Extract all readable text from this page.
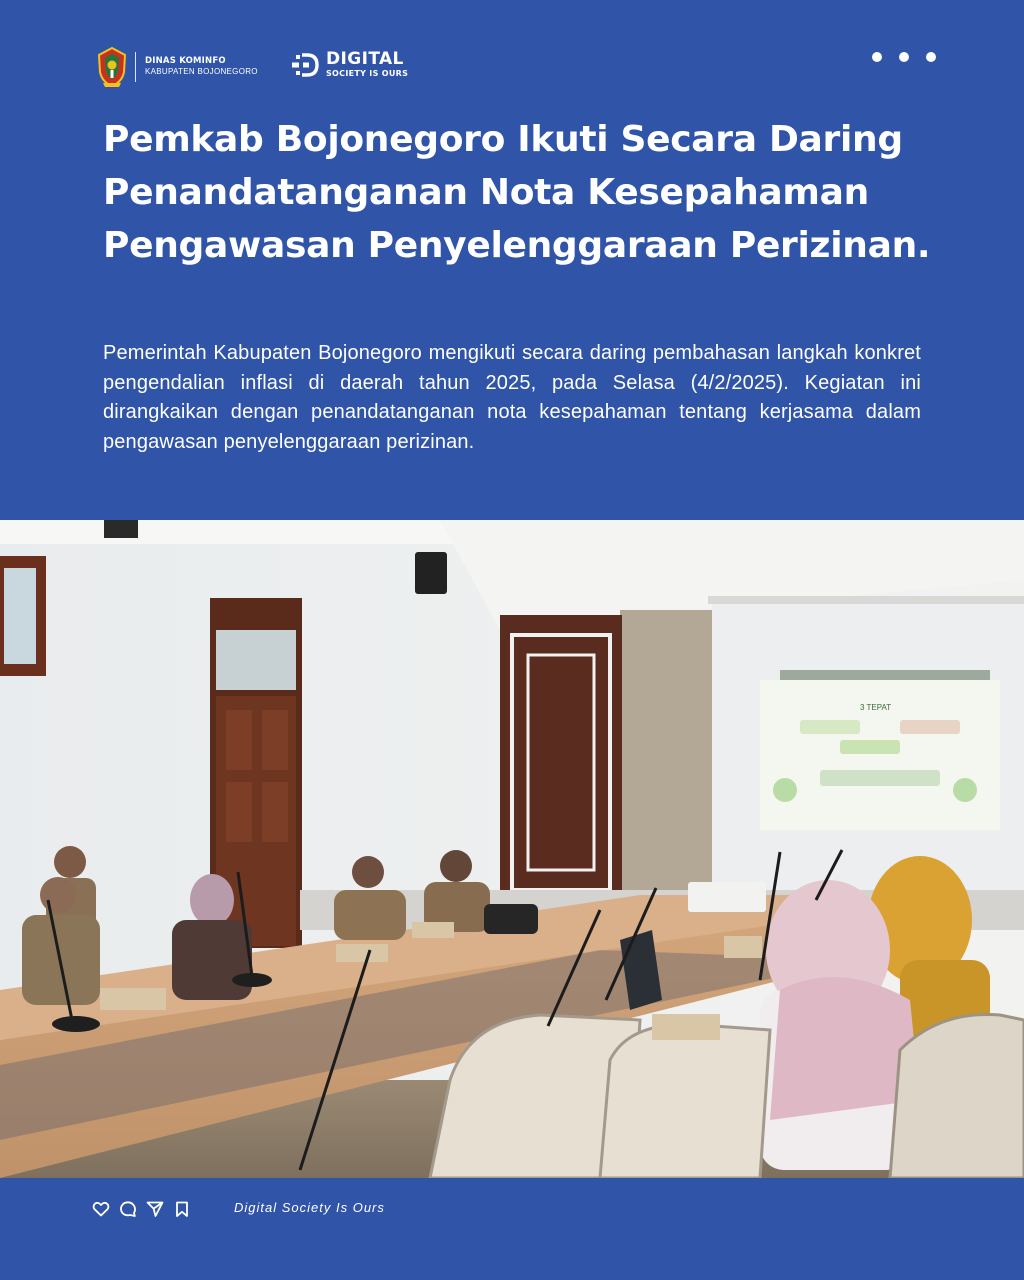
DINAS KOMINFO
KABUPATEN BOJONEGORO
DIGITAL
SOCIETY IS OURS
Pemkab Bojonegoro Ikuti Secara Daring Penandatanganan Nota Kesepahaman Pengawasan Penyelenggaraan Perizinan.

Pemerintah Kabupaten Bojonegoro mengikuti secara daring pembahasan langkah konkret pengendalian inflasi di daerah tahun 2025, pada Selasa (4/2/2025). Kegiatan ini dirangkaikan dengan penandatanganan nota kesepahaman tentang kerjasama dalam pengawasan penyelenggaraan perizinan.

3 TEPAT
Digital Society Is Ours
